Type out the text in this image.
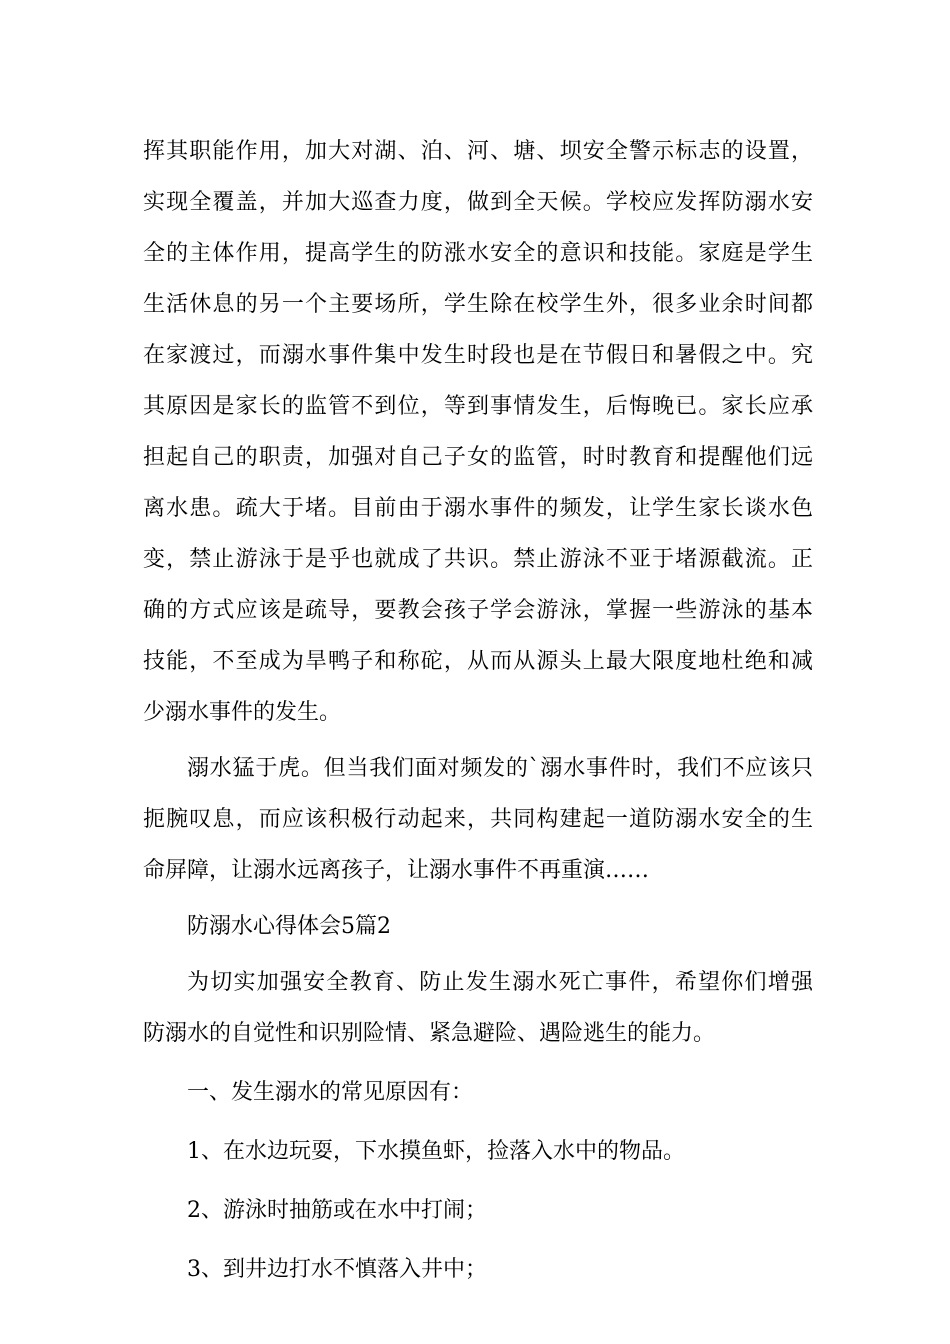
挥其职能作用，加大对湖、泊、河、塘、坝安全警示标志的设置，
实现全覆盖，并加大巡查力度，做到全天候。学校应发挥防溺水安
全的主体作用，提高学生的防涨水安全的意识和技能。家庭是学生
生活休息的另一个主要场所，学生除在校学生外，很多业余时间都
在家渡过，而溺水事件集中发生时段也是在节假日和暑假之中。究
其原因是家长的监管不到位，等到事情发生，后悔晚已。家长应承
担起自己的职责，加强对自己子女的监管，时时教育和提醒他们远
离水患。疏大于堵。目前由于溺水事件的频发，让学生家长谈水色
变，禁止游泳于是乎也就成了共识。禁止游泳不亚于堵源截流。正
确的方式应该是疏导，要教会孩子学会游泳，掌握一些游泳的基本
技能，不至成为旱鸭子和称砣，从而从源头上最大限度地杜绝和减
少溺水事件的发生。
溺水猛于虎。但当我们面对频发的`溺水事件时，我们不应该只
扼腕叹息，而应该积极行动起来，共同构建起一道防溺水安全的生
命屏障，让溺水远离孩子，让溺水事件不再重演……
防溺水心得体会5篇2
为切实加强安全教育、防止发生溺水死亡事件，希望你们增强
防溺水的自觉性和识别险情、紧急避险、遇险逃生的能力。
一、发生溺水的常见原因有：
1、在水边玩耍，下水摸鱼虾，捡落入水中的物品。
2、游泳时抽筋或在水中打闹；
3、到井边打水不慎落入井中；
